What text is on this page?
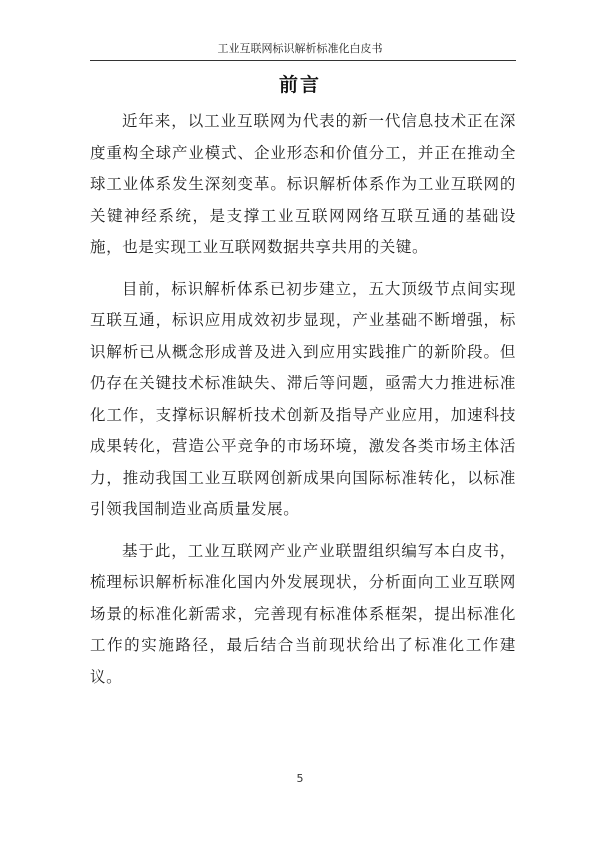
工业互联网标识解析标准化白皮书
前言

近年来，以工业互联网为代表的新一代信息技术正在深度重构全球产业模式、企业形态和价值分工，并正在推动全球工业体系发生深刻变革。标识解析体系作为工业互联网的关键神经系统，是支撑工业互联网网络互联互通的基础设施，也是实现工业互联网数据共享共用的关键。

目前，标识解析体系已初步建立，五大顶级节点间实现互联互通，标识应用成效初步显现，产业基础不断增强，标识解析已从概念形成普及进入到应用实践推广的新阶段。但仍存在关键技术标准缺失、滞后等问题，亟需大力推进标准化工作，支撑标识解析技术创新及指导产业应用，加速科技成果转化，营造公平竞争的市场环境，激发各类市场主体活力，推动我国工业互联网创新成果向国际标准转化，以标准引领我国制造业高质量发展。

基于此，工业互联网产业产业联盟组织编写本白皮书，梳理标识解析标准化国内外发展现状，分析面向工业互联网场景的标准化新需求，完善现有标准体系框架，提出标准化工作的实施路径，最后结合当前现状给出了标准化工作建议。

5
